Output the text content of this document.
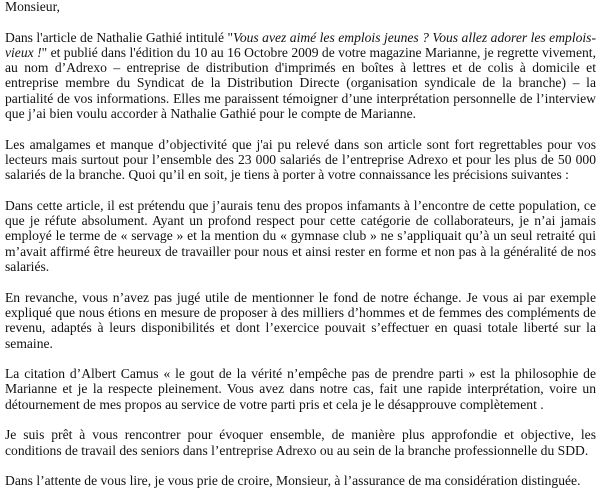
Monsieur,

Dans l'article de Nathalie Gathié intitulé "Vous avez aimé les emplois jeunes ? Vous allez adorer les emplois-vieux !" et publié dans l'édition du 10 au 16 Octobre 2009 de votre magazine Marianne, je regrette vivement, au nom d’Adrexo – entreprise de distribution d'imprimés en boîtes à lettres et de colis à domicile et entreprise membre du Syndicat de la Distribution Directe (organisation syndicale de la branche) – la partialité de vos informations. Elles me paraissent témoigner d’une interprétation personnelle de l’interview que j’ai bien voulu accorder à Nathalie Gathié pour le compte de Marianne.

Les amalgames et manque d’objectivité que j'ai pu relevé dans son article sont fort regrettables pour vos lecteurs mais surtout pour l’ensemble des 23 000 salariés de l’entreprise Adrexo et pour les plus de 50 000 salariés de la branche. Quoi qu’il en soit, je tiens à porter à votre connaissance les précisions suivantes :

Dans cette article, il est prétendu que j’aurais tenu des propos infamants à l’encontre de cette population, ce que je réfute absolument. Ayant un profond respect pour cette catégorie de collaborateurs, je n’ai jamais employé le terme de « servage » et la mention du « gymnase club » ne s’appliquait qu’à un seul retraité qui m’avait affirmé être heureux de travailler pour nous et ainsi rester en forme et non pas à la généralité de nos salariés.

En revanche, vous n’avez pas jugé utile de mentionner le fond de notre échange. Je vous ai par exemple expliqué que nous étions en mesure de proposer à des milliers d’hommes et de femmes des compléments de revenu, adaptés à leurs disponibilités et dont l’exercice pouvait s’effectuer en quasi totale liberté sur la semaine.

La citation d’Albert Camus « le gout de la vérité n’empêche pas de prendre parti » est la philosophie de Marianne et je la respecte pleinement. Vous avez dans notre cas, fait une rapide interprétation, voire un détournement de mes propos au service de votre parti pris et cela je le désapprouve complètement .

Je suis prêt à vous rencontrer pour évoquer ensemble, de manière plus approfondie et objective, les conditions de travail des seniors dans l’entreprise Adrexo ou au sein de la branche professionnelle du SDD.

Dans l’attente de vous lire, je vous prie de croire, Monsieur, à l’assurance de ma considération distinguée.
